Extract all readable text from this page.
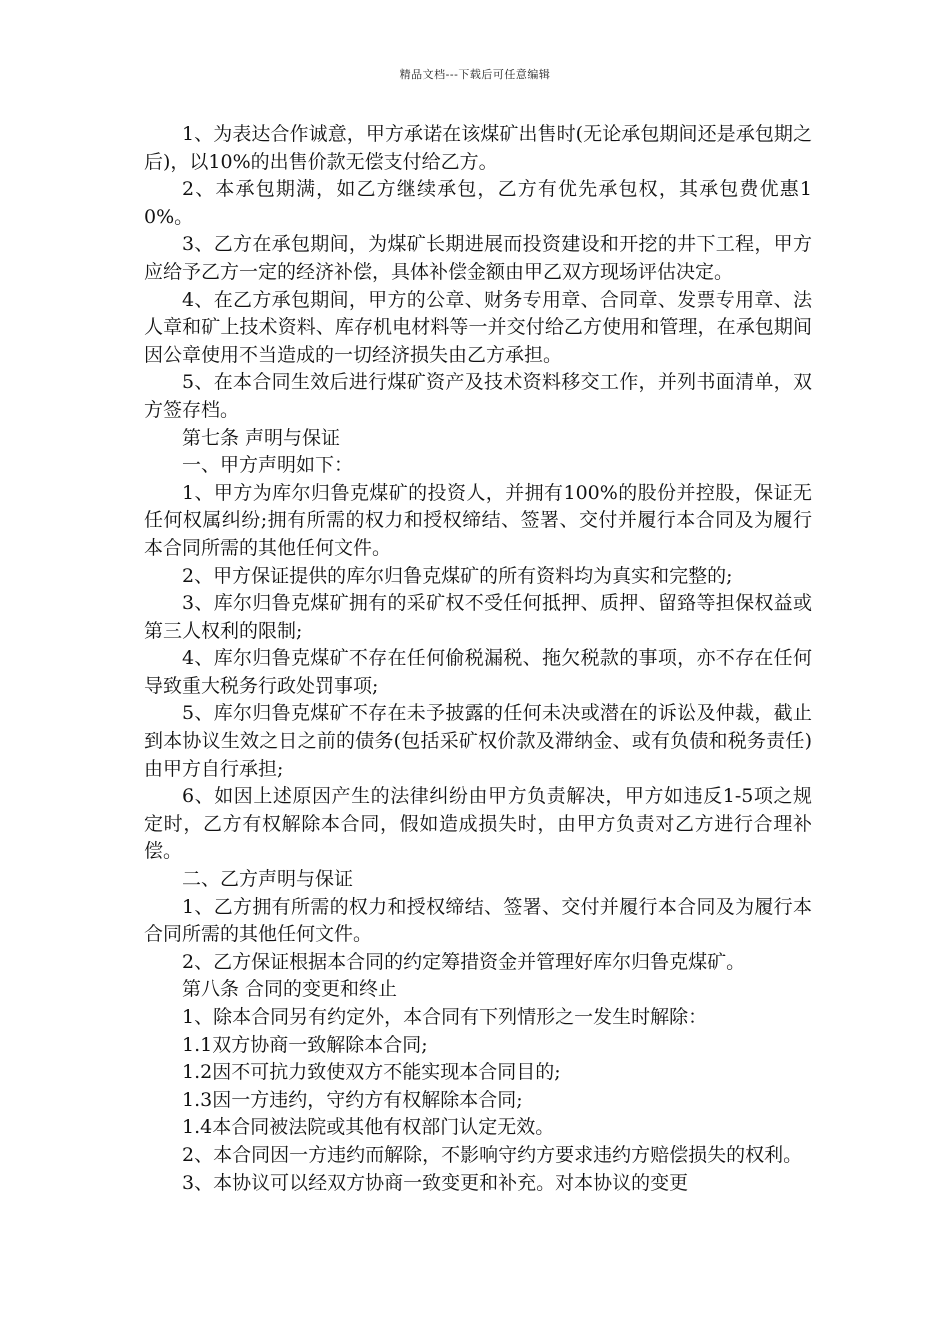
精品文档---下载后可任意编辑

1、为表达合作诚意，甲方承诺在该煤矿出售时(无论承包期间还是承包期之后)，以10%的出售价款无偿支付给乙方。

2、本承包期满，如乙方继续承包，乙方有优先承包权，其承包费优惠10%。

3、乙方在承包期间，为煤矿长期进展而投资建设和开挖的井下工程，甲方应给予乙方一定的经济补偿，具体补偿金额由甲乙双方现场评估决定。

4、在乙方承包期间，甲方的公章、财务专用章、合同章、发票专用章、法人章和矿上技术资料、库存机电材料等一并交付给乙方使用和管理，在承包期间因公章使用不当造成的一切经济损失由乙方承担。

5、在本合同生效后进行煤矿资产及技术资料移交工作，并列书面清单，双方签存档。

第七条 声明与保证

一、甲方声明如下：

1、甲方为库尔归鲁克煤矿的投资人，并拥有100%的股份并控股，保证无任何权属纠纷;拥有所需的权力和授权缔结、签署、交付并履行本合同及为履行本合同所需的其他任何文件。

2、甲方保证提供的库尔归鲁克煤矿的所有资料均为真实和完整的;

3、库尔归鲁克煤矿拥有的采矿权不受任何抵押、质押、留臵等担保权益或第三人权利的限制;

4、库尔归鲁克煤矿不存在任何偷税漏税、拖欠税款的事项，亦不存在任何导致重大税务行政处罚事项;

5、库尔归鲁克煤矿不存在未予披露的任何未决或潜在的诉讼及仲裁，截止到本协议生效之日之前的债务(包括采矿权价款及滞纳金、或有负债和税务责任)由甲方自行承担;

6、如因上述原因产生的法律纠纷由甲方负责解决，甲方如违反1-5项之规定时，乙方有权解除本合同，假如造成损失时，由甲方负责对乙方进行合理补偿。

二、乙方声明与保证

1、乙方拥有所需的权力和授权缔结、签署、交付并履行本合同及为履行本合同所需的其他任何文件。

2、乙方保证根据本合同的约定筹措资金并管理好库尔归鲁克煤矿。

第八条 合同的变更和终止

1、除本合同另有约定外，本合同有下列情形之一发生时解除：

1.1双方协商一致解除本合同;

1.2因不可抗力致使双方不能实现本合同目的;

1.3因一方违约，守约方有权解除本合同;

1.4本合同被法院或其他有权部门认定无效。

2、本合同因一方违约而解除，不影响守约方要求违约方赔偿损失的权利。

3、本协议可以经双方协商一致变更和补充。对本协议的变更
